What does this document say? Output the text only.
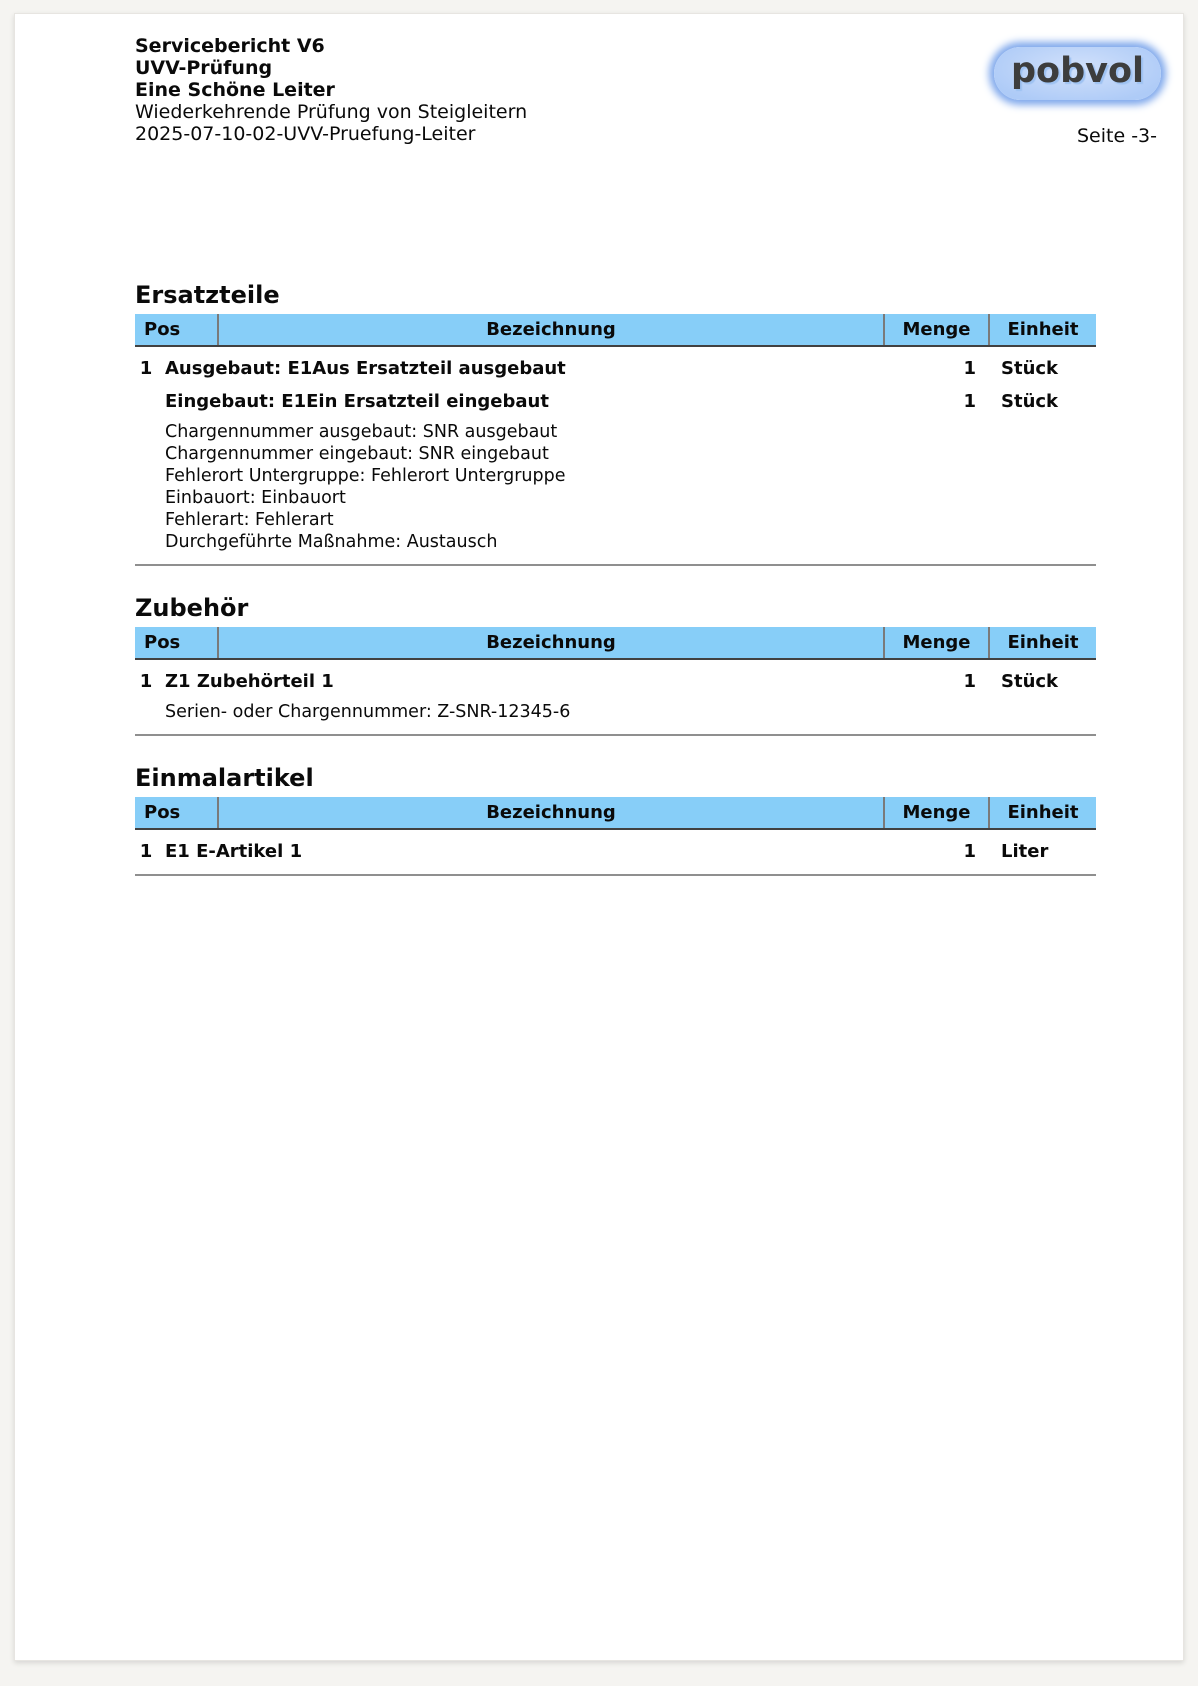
Servicebericht V6
UVV-Prüfung
Eine Schöne Leiter
Wiederkehrende Prüfung von Steigleitern
2025-07-10-02-UVV-Pruefung-Leiter
pobvol
Seite -3-
Ersatzteile
Pos	Bezeichnung	Menge	Einheit
1 Ausgebaut: E1Aus Ersatzteil ausgebaut	1	Stück
Eingebaut: E1Ein Ersatzteil eingebaut	1	Stück
Chargennummer ausgebaut: SNR ausgebaut
Chargennummer eingebaut: SNR eingebaut
Fehlerort Untergruppe: Fehlerort Untergruppe
Einbauort: Einbauort
Fehlerart: Fehlerart
Durchgeführte Maßnahme: Austausch
Zubehör
Pos	Bezeichnung	Menge	Einheit
1 Z1 Zubehörteil 1	1	Stück
Serien- oder Chargennummer: Z-SNR-12345-6
Einmalartikel
Pos	Bezeichnung	Menge	Einheit
1 E1 E-Artikel 1	1	Liter
